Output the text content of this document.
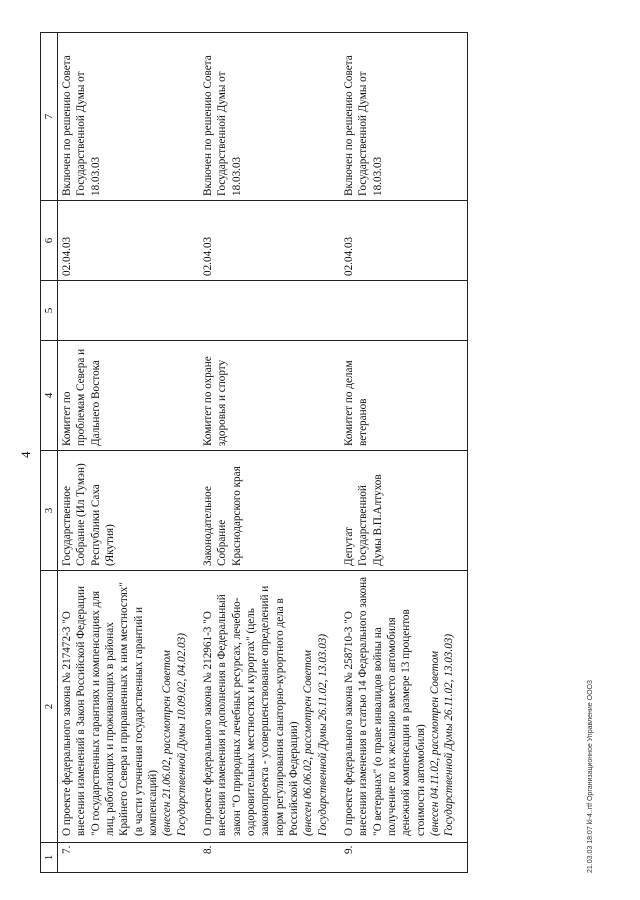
4
1	2	3	4	5	6	7
7.	О проекте федерального закона № 217472-3 "О внесении изменений в Закон Российской Федерации "О государственных гарантиях и компенсациях для лиц, работающих и проживающих в районах Крайнего Севера и приравненных к ним местностях" (в части уточнения государственных гарантий и компенсаций) (внесен 21.06.02, рассмотрен Советом Государственной Думы 10.09.02, 04.02.03)	Государственное Собрание (Ил Тумэн) Республики Саха (Якутия)	Комитет по проблемам Севера и Дальнего Востока		02.04.03	Включен по решению Совета Государственной Думы от 18.03.03
8.	О проекте федерального закона № 212961-3 "О внесении изменения и дополнения в Федеральный закон "О природных лечебных ресурсах, лечебно-оздоровительных местностях и курортах" (цель законопроекта - усовершенствование определений и норм регулирования санаторно-курортного дела в Российской Федерации) (внесен 06.06.02, рассмотрен Советом Государственной Думы 26.11.02, 13.03.03)	Законодательное Собрание Краснодарского края	Комитет по охране здоровья и спорту		02.04.03	Включен по решению Совета Государственной Думы от 18.03.03
9.	О проекте федерального закона № 258710-3 "О внесении изменения в статью 14 Федерального закона "О ветеранах" (о праве инвалидов войны на получение по их желанию вместо автомобиля денежной компенсации в размере 13 процентов стоимости автомобиля) (внесен 04.11.02, рассмотрен Советом Государственной Думы 26.11.02, 13.03.03)	Депутат Государственной Думы В.П.Алтухов	Комитет по делам ветеранов		02.04.03	Включен по решению Совета Государственной Думы от 18.03.03
21.03.03 18:07 kl-4..rtf Организационное Управление ООО3
